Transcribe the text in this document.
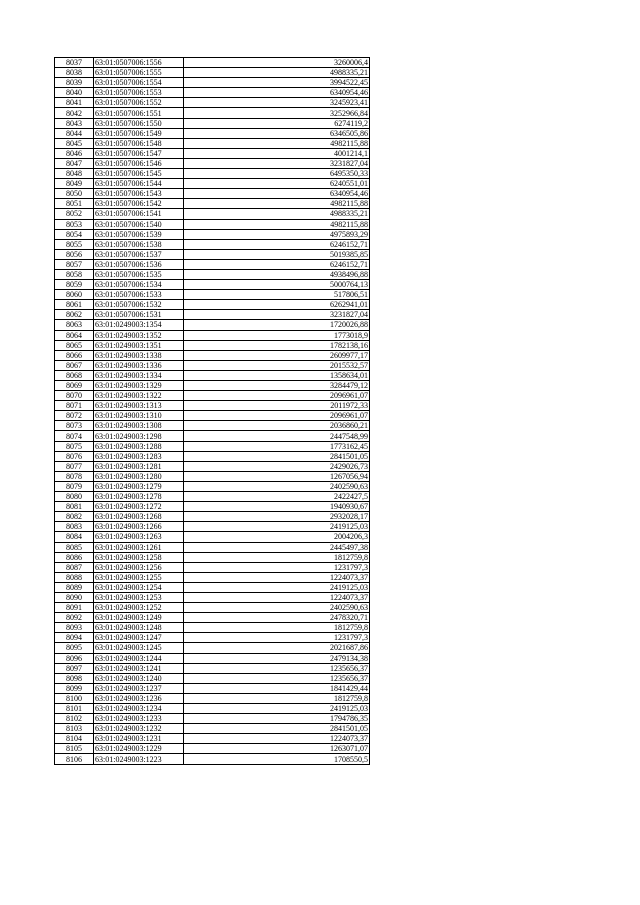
8037	63:01:0507006:1556	3260006,4
8038	63:01:0507006:1555	4988335,21
8039	63:01:0507006:1554	3994522,45
8040	63:01:0507006:1553	6340954,46
8041	63:01:0507006:1552	3245923,41
8042	63:01:0507006:1551	3252966,84
8043	63:01:0507006:1550	6274119,2
8044	63:01:0507006:1549	6346505,86
8045	63:01:0507006:1548	4982115,88
8046	63:01:0507006:1547	4001214,1
8047	63:01:0507006:1546	3231827,04
8048	63:01:0507006:1545	6495350,33
8049	63:01:0507006:1544	6240551,01
8050	63:01:0507006:1543	6340954,46
8051	63:01:0507006:1542	4982115,88
8052	63:01:0507006:1541	4988335,21
8053	63:01:0507006:1540	4982115,88
8054	63:01:0507006:1539	4975893,29
8055	63:01:0507006:1538	6246152,71
8056	63:01:0507006:1537	5019385,85
8057	63:01:0507006:1536	6246152,71
8058	63:01:0507006:1535	4938496,88
8059	63:01:0507006:1534	5000764,13
8060	63:01:0507006:1533	517806,51
8061	63:01:0507006:1532	6262941,01
8062	63:01:0507006:1531	3231827,04
8063	63:01:0249003:1354	1720026,88
8064	63:01:0249003:1352	1773018,9
8065	63:01:0249003:1351	1782138,16
8066	63:01:0249003:1338	2609977,17
8067	63:01:0249003:1336	2015532,57
8068	63:01:0249003:1334	1358634,01
8069	63:01:0249003:1329	3284479,12
8070	63:01:0249003:1322	2096961,07
8071	63:01:0249003:1313	2011972,33
8072	63:01:0249003:1310	2096961,07
8073	63:01:0249003:1308	2036860,21
8074	63:01:0249003:1298	2447548,99
8075	63:01:0249003:1288	1773162,45
8076	63:01:0249003:1283	2841501,05
8077	63:01:0249003:1281	2429026,73
8078	63:01:0249003:1280	1267056,94
8079	63:01:0249003:1279	2402590,63
8080	63:01:0249003:1278	2422427,5
8081	63:01:0249003:1272	1940930,67
8082	63:01:0249003:1268	2932028,17
8083	63:01:0249003:1266	2419125,03
8084	63:01:0249003:1263	2004206,3
8085	63:01:0249003:1261	2445497,38
8086	63:01:0249003:1258	1812759,8
8087	63:01:0249003:1256	1231797,3
8088	63:01:0249003:1255	1224073,37
8089	63:01:0249003:1254	2419125,03
8090	63:01:0249003:1253	1224073,37
8091	63:01:0249003:1252	2402590,63
8092	63:01:0249003:1249	2478320,71
8093	63:01:0249003:1248	1812759,8
8094	63:01:0249003:1247	1231797,3
8095	63:01:0249003:1245	2021687,86
8096	63:01:0249003:1244	2479134,38
8097	63:01:0249003:1241	1235656,37
8098	63:01:0249003:1240	1235656,37
8099	63:01:0249003:1237	1841429,44
8100	63:01:0249003:1236	1812759,8
8101	63:01:0249003:1234	2419125,03
8102	63:01:0249003:1233	1794786,35
8103	63:01:0249003:1232	2841501,05
8104	63:01:0249003:1231	1224073,37
8105	63:01:0249003:1229	1263071,07
8106	63:01:0249003:1223	1708550,5
